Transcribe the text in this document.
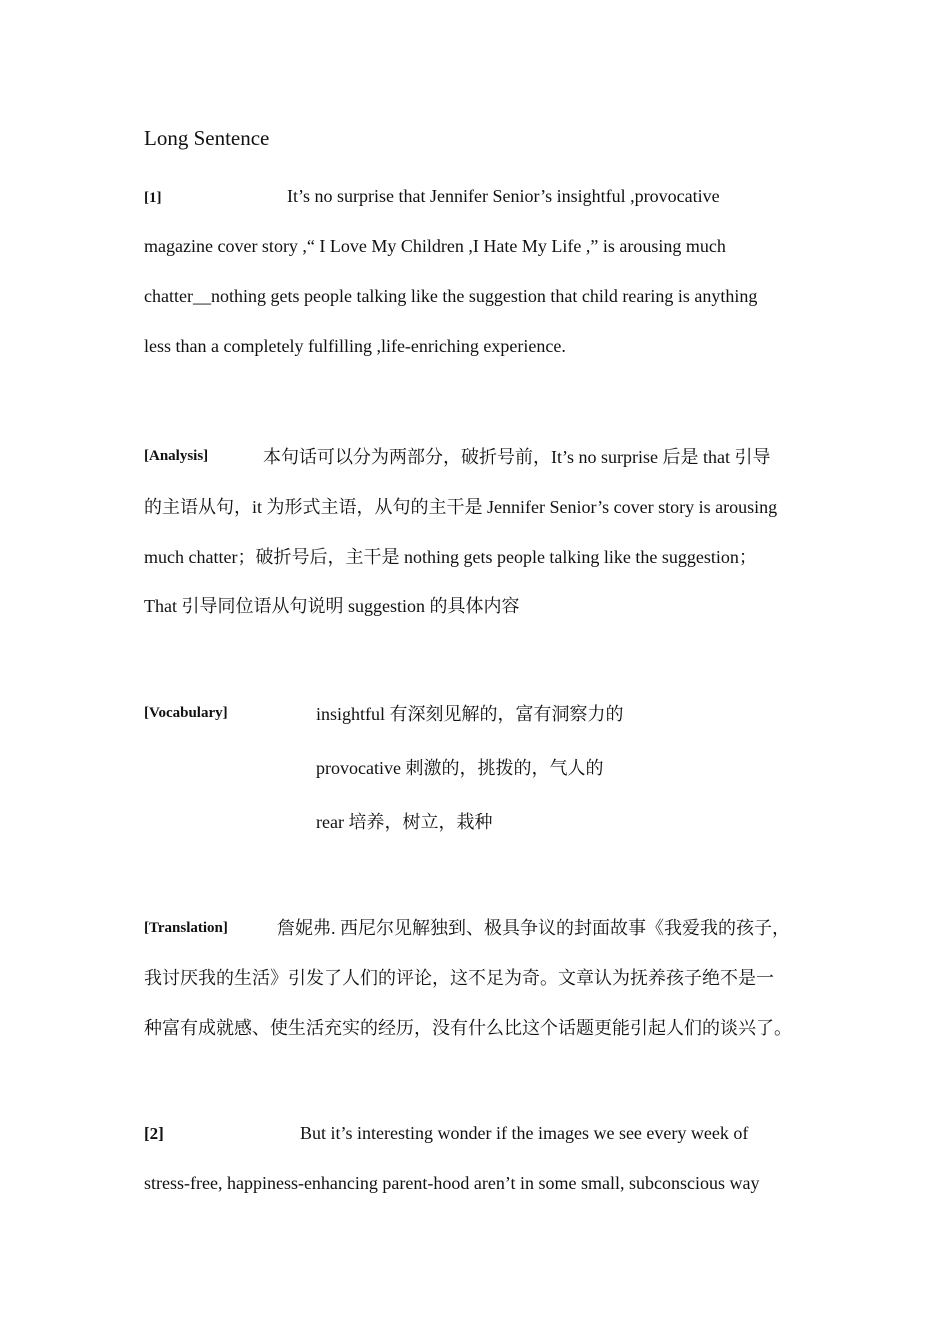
Long Sentence
[1]	It’s no surprise that Jennifer Senior’s insightful ,provocative
magazine cover story ,“ I Love My Children ,I Hate My Life ,” is arousing much
chatter__nothing gets people talking like the suggestion that child rearing is anything
less than a completely fulfilling ,life-enriching experience.
[Analysis]	本句话可以分为两部分，破折号前，It’s no surprise 后是 that 引导
的主语从句，it 为形式主语，从句的主干是 Jennifer Senior’s cover story is arousing
much chatter；破折号后，主干是 nothing gets people talking like the suggestion；
That 引导同位语从句说明 suggestion 的具体内容
[Vocabulary]	insightful 有深刻见解的，富有洞察力的
provocative 刺激的，挑拨的，气人的
rear 培养，树立，栽种
[Translation]	詹妮弗. 西尼尔见解独到、极具争议的封面故事《我爱我的孩子，
我讨厌我的生活》引发了人们的评论，这不足为奇。文章认为抚养孩子绝不是一
种富有成就感、使生活充实的经历，没有什么比这个话题更能引起人们的谈兴了。
[2]	But it’s interesting wonder if the images we see every week of
stress-free, happiness-enhancing parent-hood aren’t in some small, subconscious way
